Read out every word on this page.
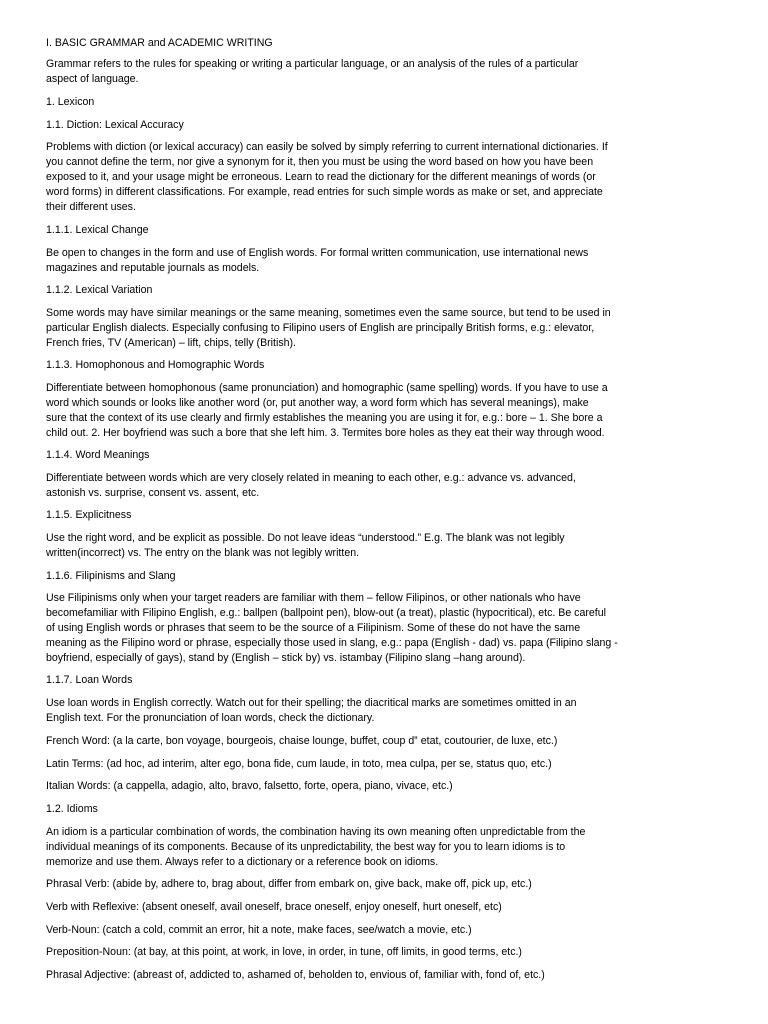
I. BASIC GRAMMAR and ACADEMIC WRITING
Grammar refers to the rules for speaking or writing a particular language, or an analysis of the rules of a particular
aspect of language.
1. Lexicon
1.1. Diction: Lexical Accuracy
Problems with diction (or lexical accuracy) can easily be solved by simply referring to current international dictionaries. If
you cannot define the term, nor give a synonym for it, then you must be using the word based on how you have been
exposed to it, and your usage might be erroneous. Learn to read the dictionary for the different meanings of words (or
word forms) in different classifications. For example, read entries for such simple words as make or set, and appreciate
their different uses.
1.1.1. Lexical Change
Be open to changes in the form and use of English words. For formal written communication, use international news
magazines and reputable journals as models.
1.1.2. Lexical Variation
Some words may have similar meanings or the same meaning, sometimes even the same source, but tend to be used in
particular English dialects. Especially confusing to Filipino users of English are principally British forms, e.g.: elevator,
French fries, TV (American) – lift, chips, telly (British).
1.1.3. Homophonous and Homographic Words
Differentiate between homophonous (same pronunciation) and homographic (same spelling) words. If you have to use a
word which sounds or looks like another word (or, put another way, a word form which has several meanings), make
sure that the context of its use clearly and firmly establishes the meaning you are using it for, e.g.: bore – 1. She bore a
child out. 2. Her boyfriend was such a bore that she left him. 3. Termites bore holes as they eat their way through wood.
1.1.4. Word Meanings
Differentiate between words which are very closely related in meaning to each other, e.g.: advance vs. advanced,
astonish vs. surprise, consent vs. assent, etc.
1.1.5. Explicitness
Use the right word, and be explicit as possible. Do not leave ideas “understood.” E.g. The blank was not legibly
written(incorrect) vs. The entry on the blank was not legibly written.
1.1.6. Filipinisms and Slang
Use Filipinisms only when your target readers are familiar with them – fellow Filipinos, or other nationals who have
becomefamiliar with Filipino English, e.g.: ballpen (ballpoint pen), blow-out (a treat), plastic (hypocritical), etc. Be careful
of using English words or phrases that seem to be the source of a Filipinism. Some of these do not have the same
meaning as the Filipino word or phrase, especially those used in slang, e.g.: papa (English - dad) vs. papa (Filipino slang -
boyfriend, especially of gays), stand by (English – stick by) vs. istambay (Filipino slang –hang around).
1.1.7. Loan Words
Use loan words in English correctly. Watch out for their spelling; the diacritical marks are sometimes omitted in an
English text. For the pronunciation of loan words, check the dictionary.
French Word: (a la carte, bon voyage, bourgeois, chaise lounge, buffet, coup d‟ etat, coutourier, de luxe, etc.)
Latin Terms: (ad hoc, ad interim, alter ego, bona fide, cum laude, in toto, mea culpa, per se, status quo, etc.)
Italian Words: (a cappella, adagio, alto, bravo, falsetto, forte, opera, piano, vivace, etc.)
1.2. Idioms
An idiom is a particular combination of words, the combination having its own meaning often unpredictable from the
individual meanings of its components. Because of its unpredictability, the best way for you to learn idioms is to
memorize and use them. Always refer to a dictionary or a reference book on idioms.
Phrasal Verb: (abide by, adhere to, brag about, differ from embark on, give back, make off, pick up, etc.)
Verb with Reflexive: (absent oneself, avail oneself, brace oneself, enjoy oneself, hurt oneself, etc)
Verb-Noun: (catch a cold, commit an error, hit a note, make faces, see/watch a movie, etc.)
Preposition-Noun: (at bay, at this point, at work, in love, in order, in tune, off limits, in good terms, etc.)
Phrasal Adjective: (abreast of, addicted to, ashamed of, beholden to, envious of, familiar with, fond of, etc.)
